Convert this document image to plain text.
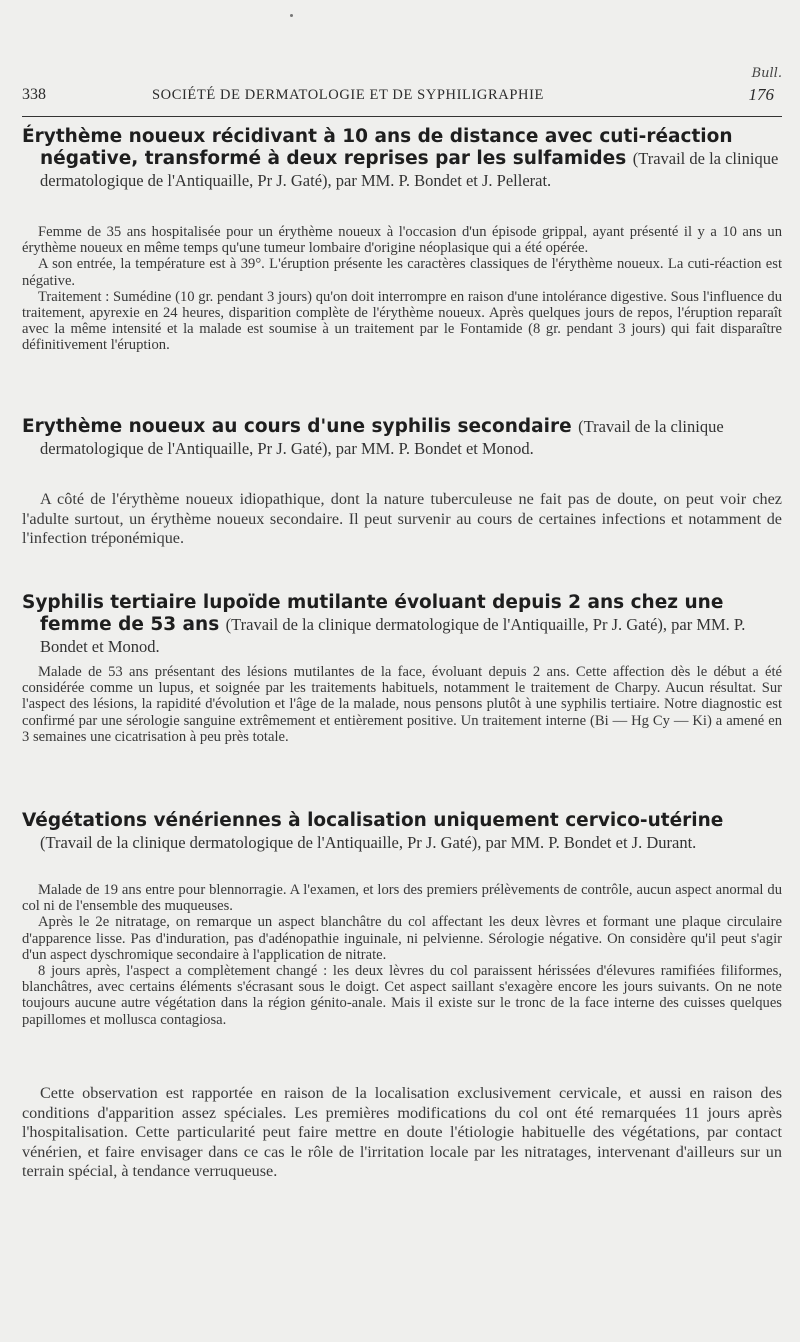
Bull.
338	SOCIÉTÉ DE DERMATOLOGIE ET DE SYPHILIGRAPHIE	176
Érythème noueux récidivant à 10 ans de distance avec cuti-réaction négative, transformé à deux reprises par les sulfamides (Travail de la clinique dermatologique de l'Antiquaille, Pr J. Gaté), par MM. P. Bondet et J. Pellerat.

Femme de 35 ans hospitalisée pour un érythème noueux à l'occasion d'un épisode grippal, ayant présenté il y a 10 ans un érythème noueux en même temps qu'une tumeur lombaire d'origine néoplasique qui a été opérée.

A son entrée, la température est à 39°. L'éruption présente les caractères classiques de l'érythème noueux. La cuti-réaction est négative.

Traitement : Sumédine (10 gr. pendant 3 jours) qu'on doit interrompre en raison d'une intolérance digestive. Sous l'influence du traitement, apyrexie en 24 heures, disparition complète de l'érythème noueux. Après quelques jours de repos, l'éruption reparaît avec la même intensité et la malade est soumise à un traitement par le Fontamide (8 gr. pendant 3 jours) qui fait disparaître définitivement l'éruption.

Erythème noueux au cours d'une syphilis secondaire (Travail de la clinique dermatologique de l'Antiquaille, Pr J. Gaté), par MM. P. Bondet et Monod.

A côté de l'érythème noueux idiopathique, dont la nature tuberculeuse ne fait pas de doute, on peut voir chez l'adulte surtout, un érythème noueux secondaire. Il peut survenir au cours de certaines infections et notamment de l'infection tréponémique.

Syphilis tertiaire lupoïde mutilante évoluant depuis 2 ans chez une femme de 53 ans (Travail de la clinique dermatologique de l'Antiquaille, Pr J. Gaté), par MM. P. Bondet et Monod.

Malade de 53 ans présentant des lésions mutilantes de la face, évoluant depuis 2 ans. Cette affection dès le début a été considérée comme un lupus, et soignée par les traitements habituels, notamment le traitement de Charpy. Aucun résultat. Sur l'aspect des lésions, la rapidité d'évolution et l'âge de la malade, nous pensons plutôt à une syphilis tertiaire. Notre diagnostic est confirmé par une sérologie sanguine extrêmement et entièrement positive. Un traitement interne (Bi — Hg Cy — Ki) a amené en 3 semaines une cicatrisation à peu près totale.

Végétations vénériennes à localisation uniquement cervico-utérine (Travail de la clinique dermatologique de l'Antiquaille, Pr J. Gaté), par MM. P. Bondet et J. Durant.

Malade de 19 ans entre pour blennorragie. A l'examen, et lors des premiers prélèvements de contrôle, aucun aspect anormal du col ni de l'ensemble des muqueuses.

Après le 2e nitratage, on remarque un aspect blanchâtre du col affectant les deux lèvres et formant une plaque circulaire d'apparence lisse. Pas d'induration, pas d'adénopathie inguinale, ni pelvienne. Sérologie négative. On considère qu'il peut s'agir d'un aspect dyschromique secondaire à l'application de nitrate.

8 jours après, l'aspect a complètement changé : les deux lèvres du col paraissent hérissées d'élevures ramifiées filiformes, blanchâtres, avec certains éléments s'écrasant sous le doigt. Cet aspect saillant s'exagère encore les jours suivants. On ne note toujours aucune autre végétation dans la région génito-anale. Mais il existe sur le tronc de la face interne des cuisses quelques papillomes et mollusca contagiosa.

Cette observation est rapportée en raison de la localisation exclusivement cervicale, et aussi en raison des conditions d'apparition assez spéciales. Les premières modifications du col ont été remarquées 11 jours après l'hospitalisation. Cette particularité peut faire mettre en doute l'étiologie habituelle des végétations, par contact vénérien, et faire envisager dans ce cas le rôle de l'irritation locale par les nitratages, intervenant d'ailleurs sur un terrain spécial, à tendance verruqueuse.
